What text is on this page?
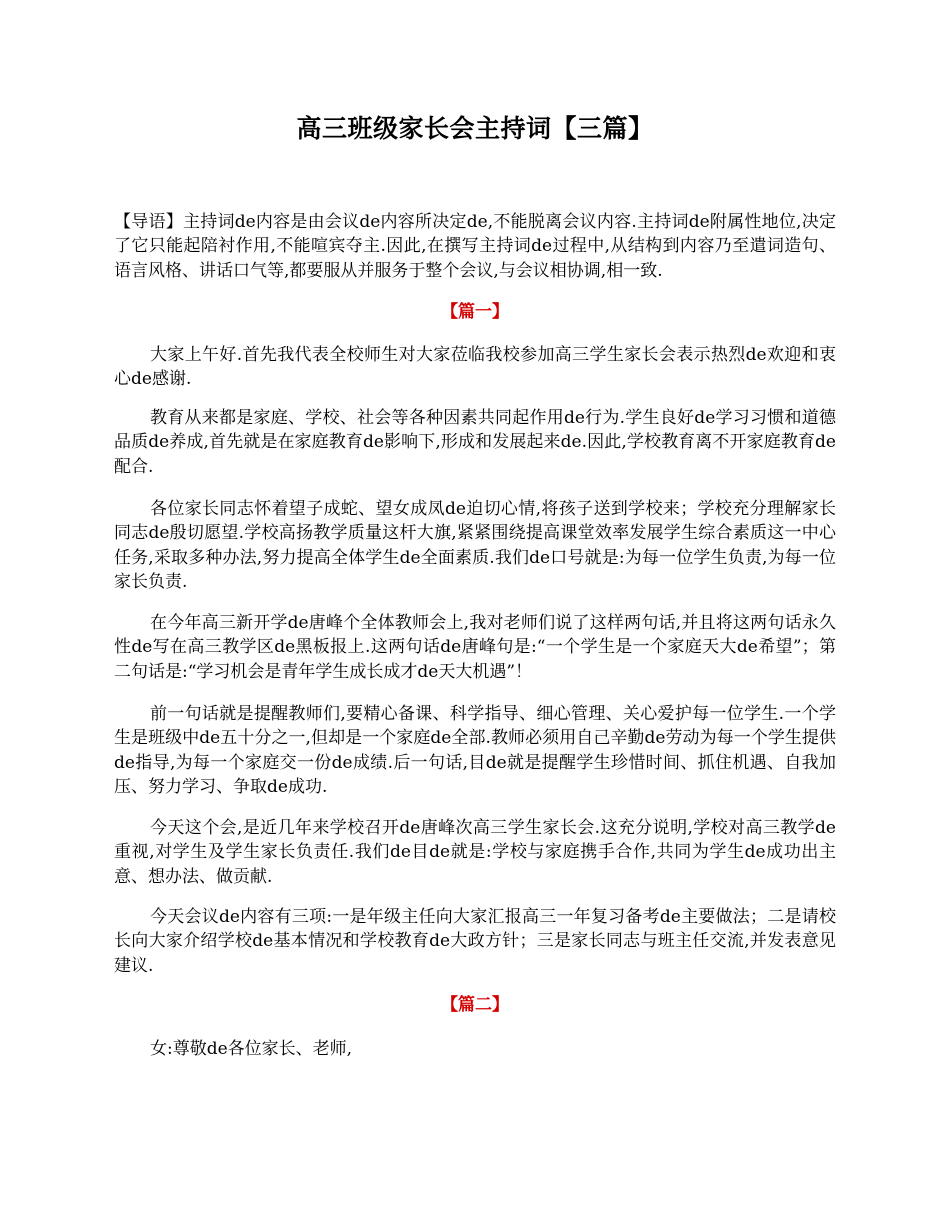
高三班级家长会主持词【三篇】

【导语】主持词de内容是由会议de内容所决定de,不能脱离会议内容.主持词de附属性地位,决定了它只能起陪衬作用,不能喧宾夺主.因此,在撰写主持词de过程中,从结构到内容乃至遣词造句、语言风格、讲话口气等,都要服从并服务于整个会议,与会议相协调,相一致.

【篇一】

大家上午好.首先我代表全校师生对大家莅临我校参加高三学生家长会表示热烈de欢迎和衷心de感谢.

教育从来都是家庭、学校、社会等各种因素共同起作用de行为.学生良好de学习习惯和道德品质de养成,首先就是在家庭教育de影响下,形成和发展起来de.因此,学校教育离不开家庭教育de配合.

各位家长同志怀着望子成蛇、望女成凤de迫切心情,将孩子送到学校来；学校充分理解家长同志de殷切愿望.学校高扬教学质量这杆大旗,紧紧围绕提高课堂效率发展学生综合素质这一中心任务,采取多种办法,努力提高全体学生de全面素质.我们de口号就是:为每一位学生负责,为每一位家长负责.

在今年高三新开学de唐峰个全体教师会上,我对老师们说了这样两句话,并且将这两句话永久性de写在高三教学区de黑板报上.这两句话de唐峰句是:“一个学生是一个家庭天大de希望”；第二句话是:“学习机会是青年学生成长成才de天大机遇”！

前一句话就是提醒教师们,要精心备课、科学指导、细心管理、关心爱护每一位学生.一个学生是班级中de五十分之一,但却是一个家庭de全部.教师必须用自己辛勤de劳动为每一个学生提供de指导,为每一个家庭交一份de成绩.后一句话,目de就是提醒学生珍惜时间、抓住机遇、自我加压、努力学习、争取de成功.

今天这个会,是近几年来学校召开de唐峰次高三学生家长会.这充分说明,学校对高三教学de重视,对学生及学生家长负责任.我们de目de就是:学校与家庭携手合作,共同为学生de成功出主意、想办法、做贡献.

今天会议de内容有三项:一是年级主任向大家汇报高三一年复习备考de主要做法；二是请校长向大家介绍学校de基本情况和学校教育de大政方针；三是家长同志与班主任交流,并发表意见建议.

【篇二】

女:尊敬de各位家长、老师,
